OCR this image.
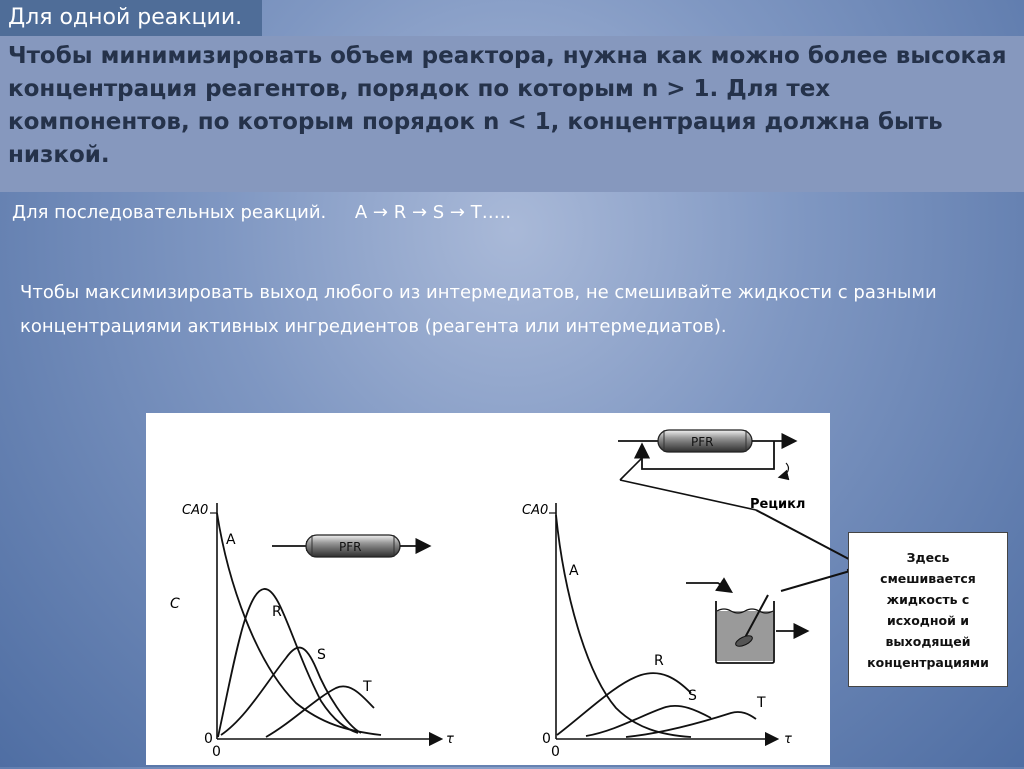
Для одной реакции.

Чтобы минимизировать объем реактора, нужна как можно более высокая концентрация реагентов, порядок по которым n > 1. Для тех компонентов, по которым порядок n < 1, концентрация должна быть низкой.

Для последовательных реакций.     A → R → S → T…..

Чтобы максимизировать выход любого из интермедиатов, не смешивайте жидкости с разными концентрациями активных ингредиентов (реагента или интермедиатов).

CA0
C
0
0
τ
A
R
S
T
PFR
CA0
0
0
τ
A
R
S	T
PFR
Рецикл
Здесь
смешивается
жидкость с
исходной и
выходящей
концентрациями
